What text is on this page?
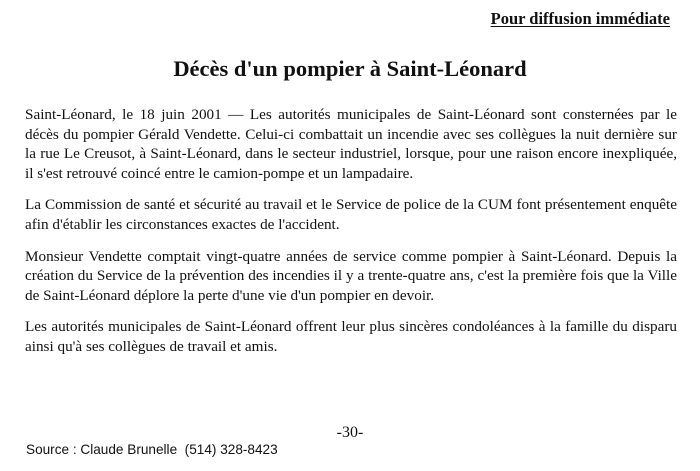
Pour diffusion immédiate
Décès d'un pompier à Saint-Léonard

Saint-Léonard, le 18 juin 2001 — Les autorités municipales de Saint-Léonard sont consternées par le décès du pompier Gérald Vendette. Celui-ci combattait un incendie avec ses collègues la nuit dernière sur la rue Le Creusot, à Saint-Léonard, dans le secteur industriel, lorsque, pour une raison encore inexpliquée, il s'est retrouvé coincé entre le camion-pompe et un lampadaire.

La Commission de santé et sécurité au travail et le Service de police de la CUM font présentement enquête afin d'établir les circonstances exactes de l'accident.

Monsieur Vendette comptait vingt-quatre années de service comme pompier à Saint-Léonard. Depuis la création du Service de la prévention des incendies il y a trente-quatre ans, c'est la première fois que la Ville de Saint-Léonard déplore la perte d'une vie d'un pompier en devoir.

Les autorités municipales de Saint-Léonard offrent leur plus sincères condoléances à la famille du disparu ainsi qu'à ses collègues de travail et amis.

-30-
Source : Claude Brunelle  (514) 328-8423
